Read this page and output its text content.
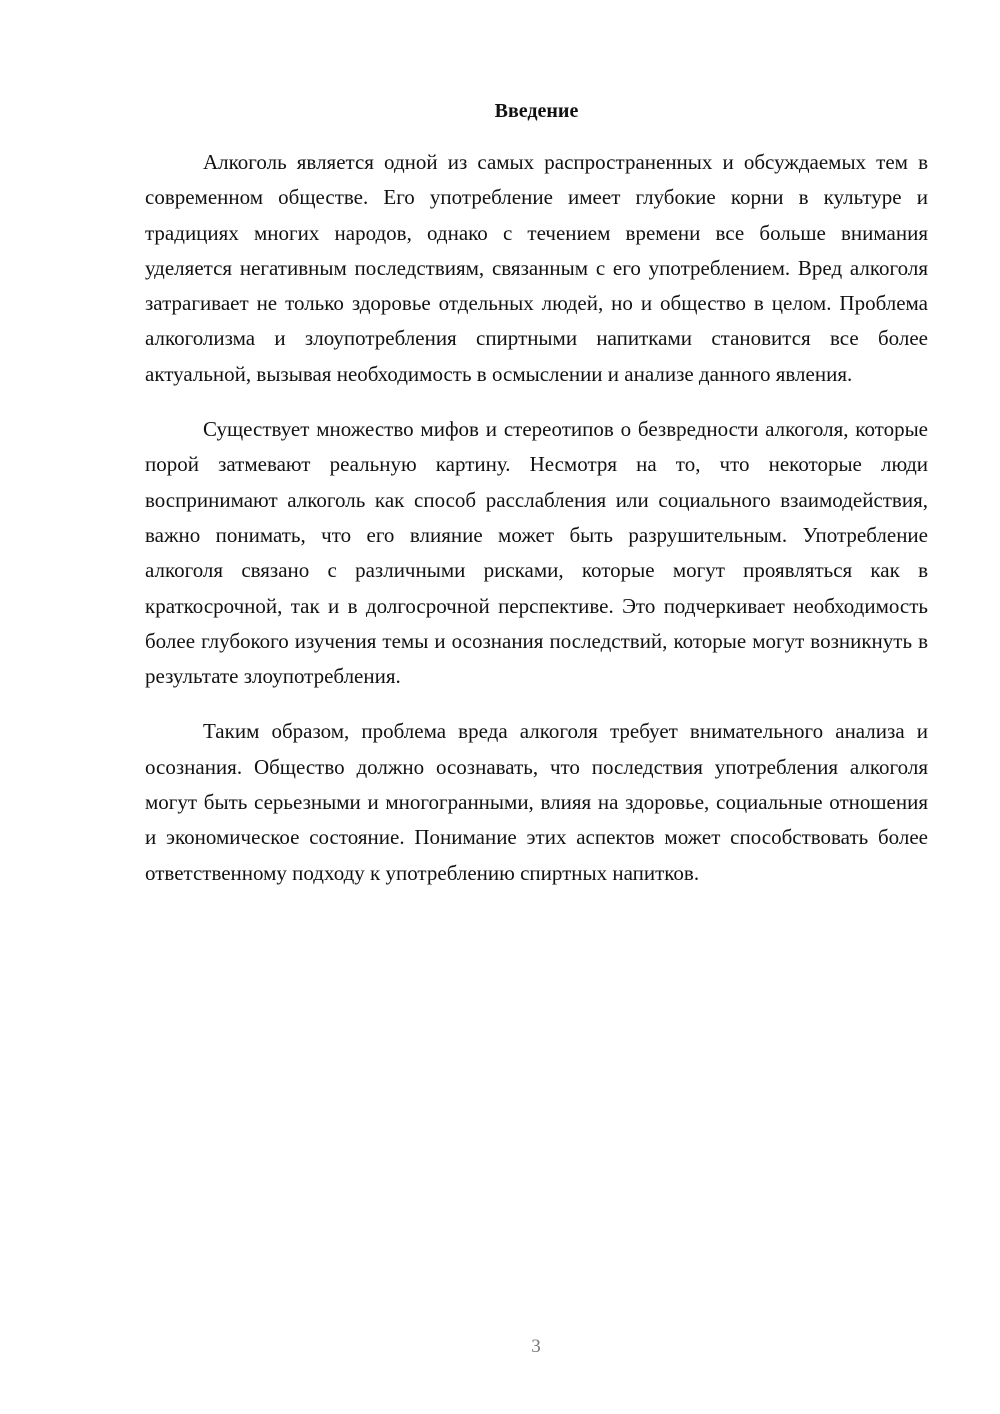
Введение

Алкоголь является одной из самых распространенных и обсуждаемых тем в современном обществе. Его употребление имеет глубокие корни в культуре и традициях многих народов, однако с течением времени все больше внимания уделяется негативным последствиям, связанным с его употреблением. Вред алкоголя затрагивает не только здоровье отдельных людей, но и общество в целом. Проблема алкоголизма и злоупотребления спиртными напитками становится все более актуальной, вызывая необходимость в осмыслении и анализе данного явления.

Существует множество мифов и стереотипов о безвредности алкоголя, которые порой затмевают реальную картину. Несмотря на то, что некоторые люди воспринимают алкоголь как способ расслабления или социального взаимодействия, важно понимать, что его влияние может быть разрушительным. Употребление алкоголя связано с различными рисками, которые могут проявляться как в краткосрочной, так и в долгосрочной перспективе. Это подчеркивает необходимость более глубокого изучения темы и осознания последствий, которые могут возникнуть в результате злоупотребления.

Таким образом, проблема вреда алкоголя требует внимательного анализа и осознания. Общество должно осознавать, что последствия употребления алкоголя могут быть серьезными и многогранными, влияя на здоровье, социальные отношения и экономическое состояние. Понимание этих аспектов может способствовать более ответственному подходу к употреблению спиртных напитков.

3
